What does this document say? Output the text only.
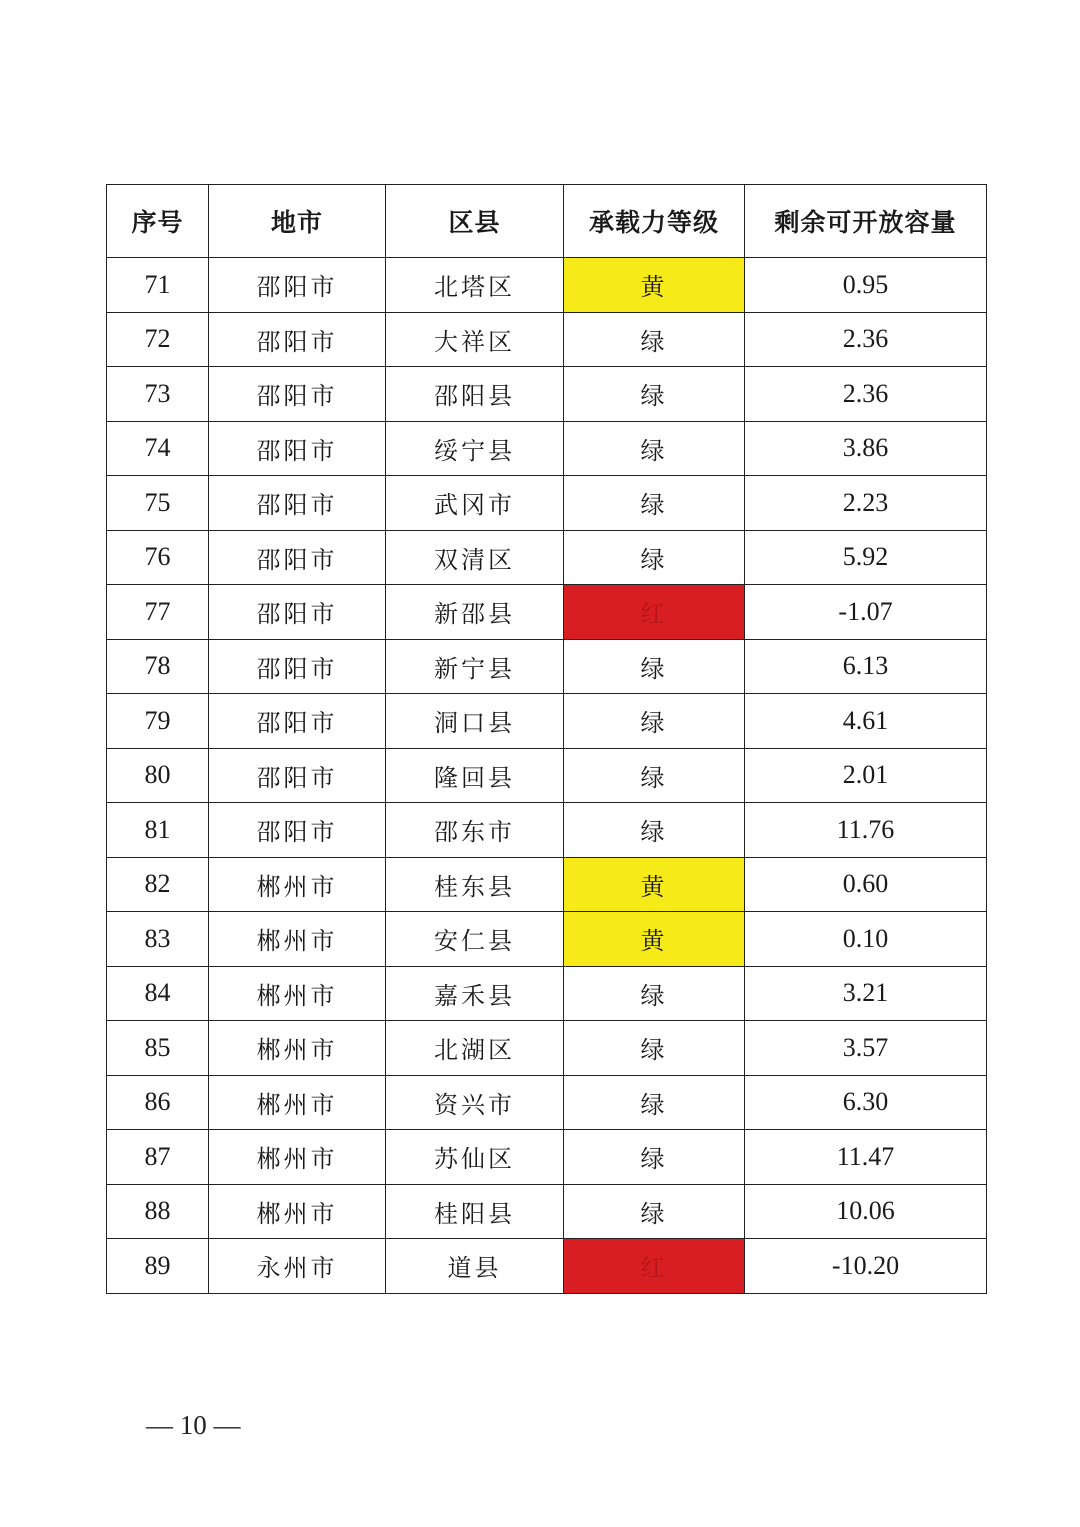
序号	地市	区县	承载力等级	剩余可开放容量
71	邵阳市	北塔区	黄	0.95
72	邵阳市	大祥区	绿	2.36
73	邵阳市	邵阳县	绿	2.36
74	邵阳市	绥宁县	绿	3.86
75	邵阳市	武冈市	绿	2.23
76	邵阳市	双清区	绿	5.92
77	邵阳市	新邵县	红	-1.07
78	邵阳市	新宁县	绿	6.13
79	邵阳市	洞口县	绿	4.61
80	邵阳市	隆回县	绿	2.01
81	邵阳市	邵东市	绿	11.76
82	郴州市	桂东县	黄	0.60
83	郴州市	安仁县	黄	0.10
84	郴州市	嘉禾县	绿	3.21
85	郴州市	北湖区	绿	3.57
86	郴州市	资兴市	绿	6.30
87	郴州市	苏仙区	绿	11.47
88	郴州市	桂阳县	绿	10.06
89	永州市	道县	红	-10.20
— 10 —
